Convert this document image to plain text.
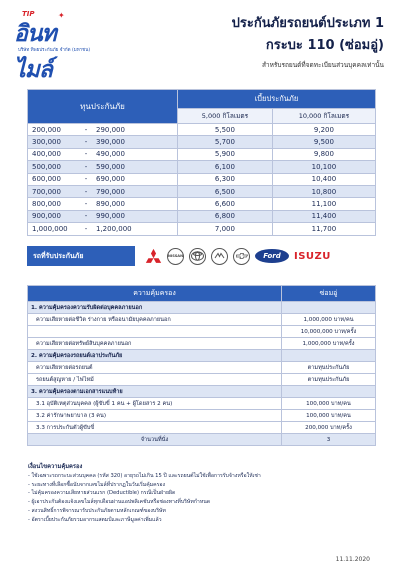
TIP	✦
อินทไมล์
บริษัท ทิพยประกันภัย จำกัด (มหาชน)
ประกันภัยรถยนต์ประเภท 1
กระบะ 110 (ซ่อมอู่)
สำหรับรถยนต์ที่จดทะเบียนส่วนบุคคลเท่านั้น
ทุนประกันภัย	เบี้ยประกันภัย	
	5,000 กิโลเมตร	10,000 กิโลเมตร
200,000 - 290,000	5,500	9,200
300,000 - 390,000	5,700	9,500
400,000 - 490,000	5,900	9,800
500,000 - 590,000	6,100	10,100
600,000 - 690,000	6,300	10,400
700,000 - 790,000	6,500	10,800
800,000 - 890,000	6,600	11,100
900,000 - 990,000	6,800	11,400
1,000,000 - 1,200,000	7,000	11,700
รถที่รับประกันภัย	NISSAN	Ford ISUZU
ความคุ้มครอง	ซ่อมอู่
1. ความคุ้มครองความรับผิดต่อบุคคลภายนอก	
ความเสียหายต่อชีวิต ร่างกาย หรืออนามัยบุคคลภายนอก	1,000,000 บาท/คน
	10,000,000 บาท/ครั้ง
ความเสียหายต่อทรัพย์สินบุคคลภายนอก	1,000,000 บาท/ครั้ง
2. ความคุ้มครองรถยนต์เอาประกันภัย	
ความเสียหายต่อรถยนต์	ตามทุนประกันภัย
รถยนต์สูญหาย / ไฟไหม้	ตามทุนประกันภัย
3. ความคุ้มครองตามเอกสารแนบท้าย	
3.1 อุบัติเหตุส่วนบุคคล (ผู้ขับขี่ 1 คน + ผู้โดยสาร 2 คน)	100,000 บาท/คน
3.2 ค่ารักษาพยาบาล (3 คน)	100,000 บาท/คน
3.3 การประกันตัวผู้ขับขี่	200,000 บาท/ครั้ง
จำนวนที่นั่ง	3
เงื่อนไขความคุ้มครอง
- ใช้เฉพาะรถกระบะส่วนบุคคล (รหัส 320) อายุรถไม่เกิน 15 ปี และรถยนต์ไม่ใช้เพื่อการรับจ้างหรือให้เช่า
- ระยะทางที่เลือกซื้อนับจากเลขไมล์ที่ปรากฏในวันเริ่มคุ้มครอง
- ไม่คุ้มครองความเสียหายส่วนแรก (Deductible) กรณีเป็นฝ่ายผิด
- ผู้เอาประกันต้องแจ้งเลขไมล์ทุกเดือนผ่านแอปพลิเคชันหรือช่องทางที่บริษัทกำหนด
- สงวนสิทธิ์การพิจารณารับประกันภัยตามหลักเกณฑ์ของบริษัท
- อัตราเบี้ยประกันภัยรวมอากรแสตมป์และภาษีมูลค่าเพิ่มแล้ว
11.11.2020
